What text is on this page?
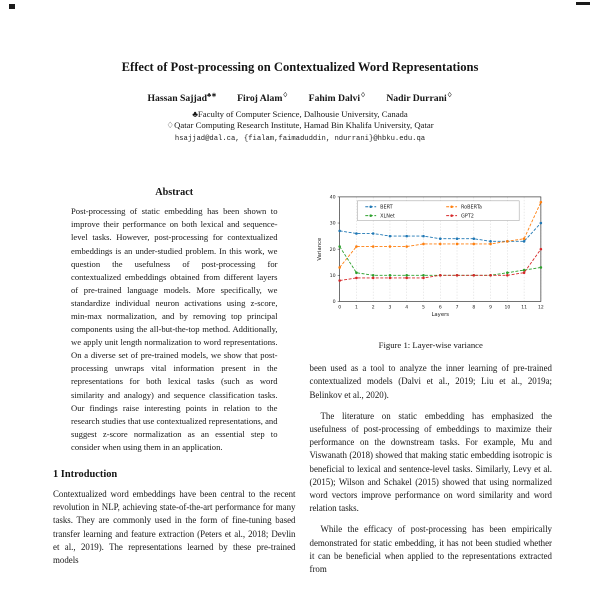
Effect of Post-processing on Contextualized Word Representations
Hassan Sajjad♣∗ Firoj Alam♢ Fahim Dalvi♢ Nadir Durrani♢
♣Faculty of Computer Science, Dalhousie University, Canada
♢Qatar Computing Research Institute, Hamad Bin Khalifa University, Qatar
hsajjad@dal.ca, {fialam,faimaduddin, ndurrani}@hbku.edu.qa
Abstract

Post-processing of static embedding has been shown to improve their performance on both lexical and sequence-level tasks. However, post-processing for contextualized embeddings is an under-studied problem. In this work, we question the usefulness of post-processing for contextualized embeddings obtained from different layers of pre-trained language models. More specifically, we standardize individual neuron activations using z-score, min-max normalization, and by removing top principal components using the all-but-the-top method. Additionally, we apply unit length normalization to word representations. On a diverse set of pre-trained models, we show that post-processing unwraps vital information present in the representations for both lexical tasks (such as word similarity and analogy) and sequence classification tasks. Our findings raise interesting points in relation to the research studies that use contextualized representations, and suggest z-score normalization as an essential step to consider when using them in an application.

1 Introduction

Contextualized word embeddings have been central to the recent revolution in NLP, achieving state-of-the-art performance for many tasks. They are commonly used in the form of fine-tuning based transfer learning and feature extraction (Peters et al., 2018; Devlin et al., 2019). The representations learned by these pre-trained models

0	1	2	3	4	5	6	7	8	9	10 11 12
0
10
20
30
40
BERT	RoBERTa
XLNet	GPT2
Layers
Variance
Figure 1: Layer-wise variance

been used as a tool to analyze the inner learning of pre-trained contextualized models (Dalvi et al., 2019; Liu et al., 2019a; Belinkov et al., 2020).

The literature on static embedding has emphasized the usefulness of post-processing of embeddings to maximize their performance on the downstream tasks. For example, Mu and Viswanath (2018) showed that making static embedding isotropic is beneficial to lexical and sentence-level tasks. Similarly, Levy et al. (2015); Wilson and Schakel (2015) showed that using normalized word vectors improve performance on word similarity and word relation tasks.

While the efficacy of post-processing has been empirically demonstrated for static embedding, it has not been studied whether it can be beneficial when applied to the representations extracted from
